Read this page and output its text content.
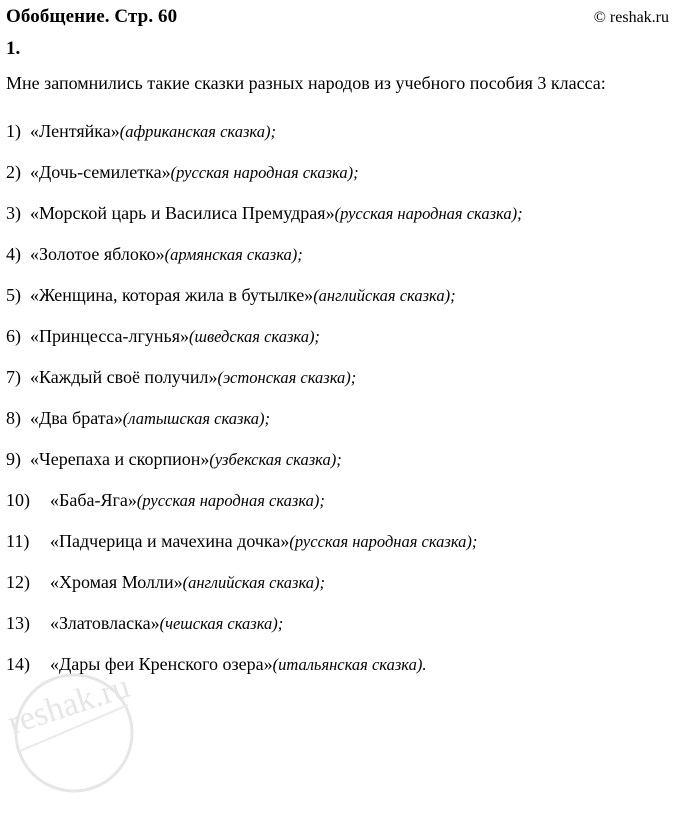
Обобщение. Стр. 60	© reshak.ru
1.
Мне запомнились такие сказки разных народов из учебного пособия 3 класса:
1) «Лентяйка» (африканская сказка);
2) «Дочь-семилетка» (русская народная сказка);
3) «Морской царь и Василиса Премудрая» (русская народная сказка);
4) «Золотое яблоко» (армянская сказка);
5) «Женщина, которая жила в бутылке» (английская сказка);
6) «Принцесса-лгунья» (шведская сказка);
7) «Каждый своё получил» (эстонская сказка);
8) «Два брата» (латышская сказка);
9) «Черепаха и скорпион» (узбекская сказка);
10)	«Баба-Яга» (русская народная сказка);
11)	«Падчерица и мачехина дочка» (русская народная сказка);
12)	«Хромая Молли» (английская сказка);
13)	«Златовласка» (чешская сказка);
14)	«Дары феи Кренского озера» (итальянская сказка).
reshak.ru
